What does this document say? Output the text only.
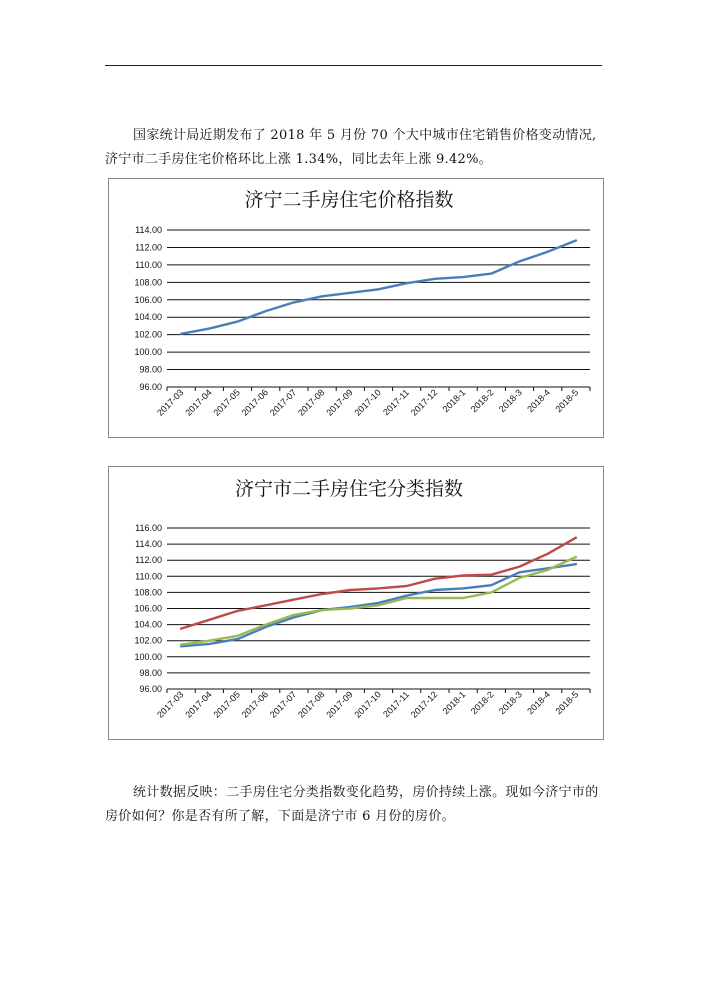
国家统计局近期发布了 2018 年 5 月份 70 个大中城市住宅销售价格变动情况,济宁市二手房住宅价格环比上涨 1.34%，同比去年上涨 9.42%。

济宁二手房住宅价格指数
96.00
98.00
100.00
102.00
104.00
106.00
108.00
110.00
112.00
114.00
2017-03
2017-04
2017-05
2017-06
2017-07
2017-08
2017-09
2017-10
2017-11
2017-12 2018-1 2018-2 2018-3 2018-4 2018-5
济宁市二手房住宅分类指数
96.00
98.00
100.00
102.00
104.00
106.00
108.00
110.00
112.00
114.00
116.00
2017-03
2017-04
2017-05
2017-06
2017-07
2017-08
2017-09
2017-10
2017-11
2017-12 2018-1 2018-2 2018-3 2018-4 2018-5

统计数据反映：二手房住宅分类指数变化趋势，房价持续上涨。现如今济宁市的房价如何？你是否有所了解，下面是济宁市 6 月份的房价。
